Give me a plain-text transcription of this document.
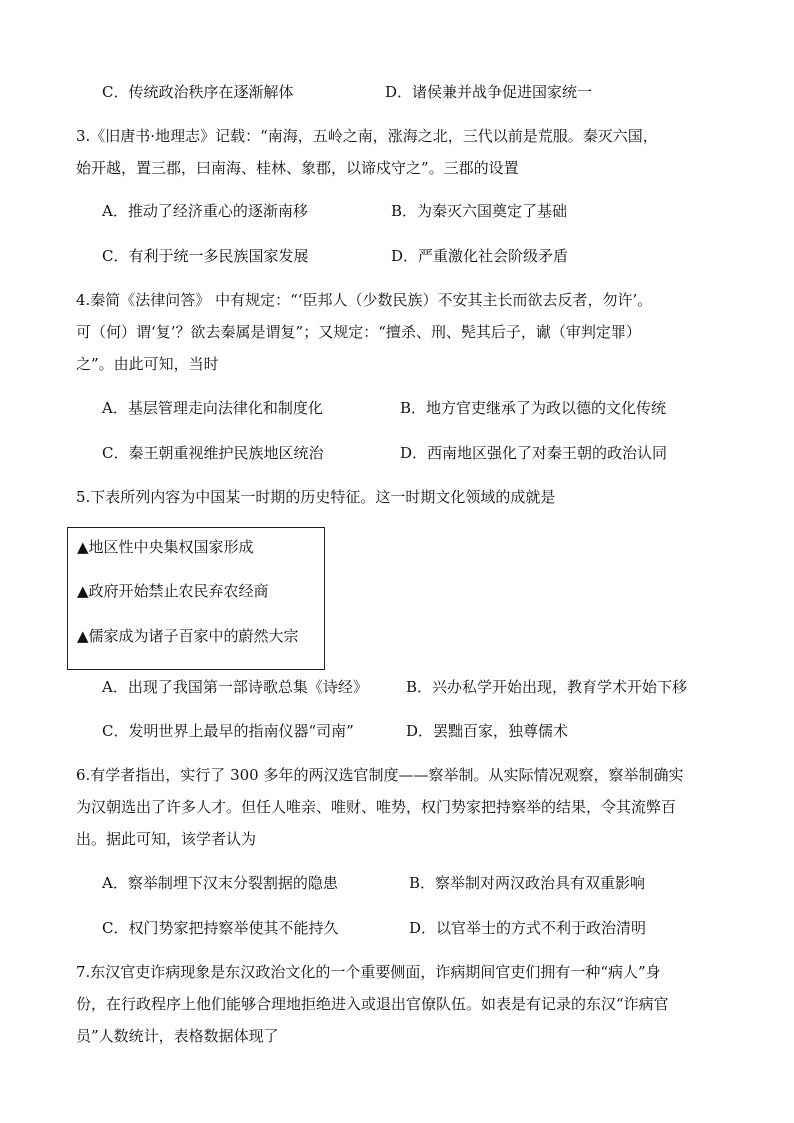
C．传统政治秩序在逐渐解体	D．诸侯兼并战争促进国家统一
3.《旧唐书·地理志》记载：“南海，五岭之南，涨海之北，三代以前是荒服。秦灭六国，
始开越，置三郡，曰南海、桂林、象郡，以谛戍守之”。三郡的设置
A．推动了经济重心的逐渐南移	B．为秦灭六国奠定了基础
C．有利于统一多民族国家发展	D．严重激化社会阶级矛盾
4.秦简《法律问答》 中有规定：“‘臣邦人（少数民族）不安其主长而欲去反者，勿许’。
可（何）谓‘复’？欲去秦属是谓复”；又规定：“擅杀、刑、髡其后子，谳（审判定罪）
之”。由此可知，当时
A．基层管理走向法律化和制度化	B．地方官吏继承了为政以德的文化传统
C．秦王朝重视维护民族地区统治	D．西南地区强化了对秦王朝的政治认同
5.下表所列内容为中国某一时期的历史特征。这一时期文化领域的成就是
▲地区性中央集权国家形成
▲政府开始禁止农民弃农经商
▲儒家成为诸子百家中的蔚然大宗
A．出现了我国第一部诗歌总集《诗经》	B．兴办私学开始出现，教育学术开始下移
C．发明世界上最早的指南仪器“司南”	D．罢黜百家，独尊儒术
6.有学者指出，实行了 300 多年的两汉选官制度——察举制。从实际情况观察，察举制确实
为汉朝选出了许多人才。但任人唯亲、唯财、唯势，权门势家把持察举的结果，令其流弊百
出。据此可知，该学者认为
A．察举制埋下汉末分裂割据的隐患	B．察举制对两汉政治具有双重影响
C．权门势家把持察举使其不能持久	D．以官举士的方式不利于政治清明
7.东汉官吏诈病现象是东汉政治文化的一个重要侧面，诈病期间官吏们拥有一种“病人”身
份，在行政程序上他们能够合理地拒绝进入或退出官僚队伍。如表是有记录的东汉“诈病官
员”人数统计，表格数据体现了
